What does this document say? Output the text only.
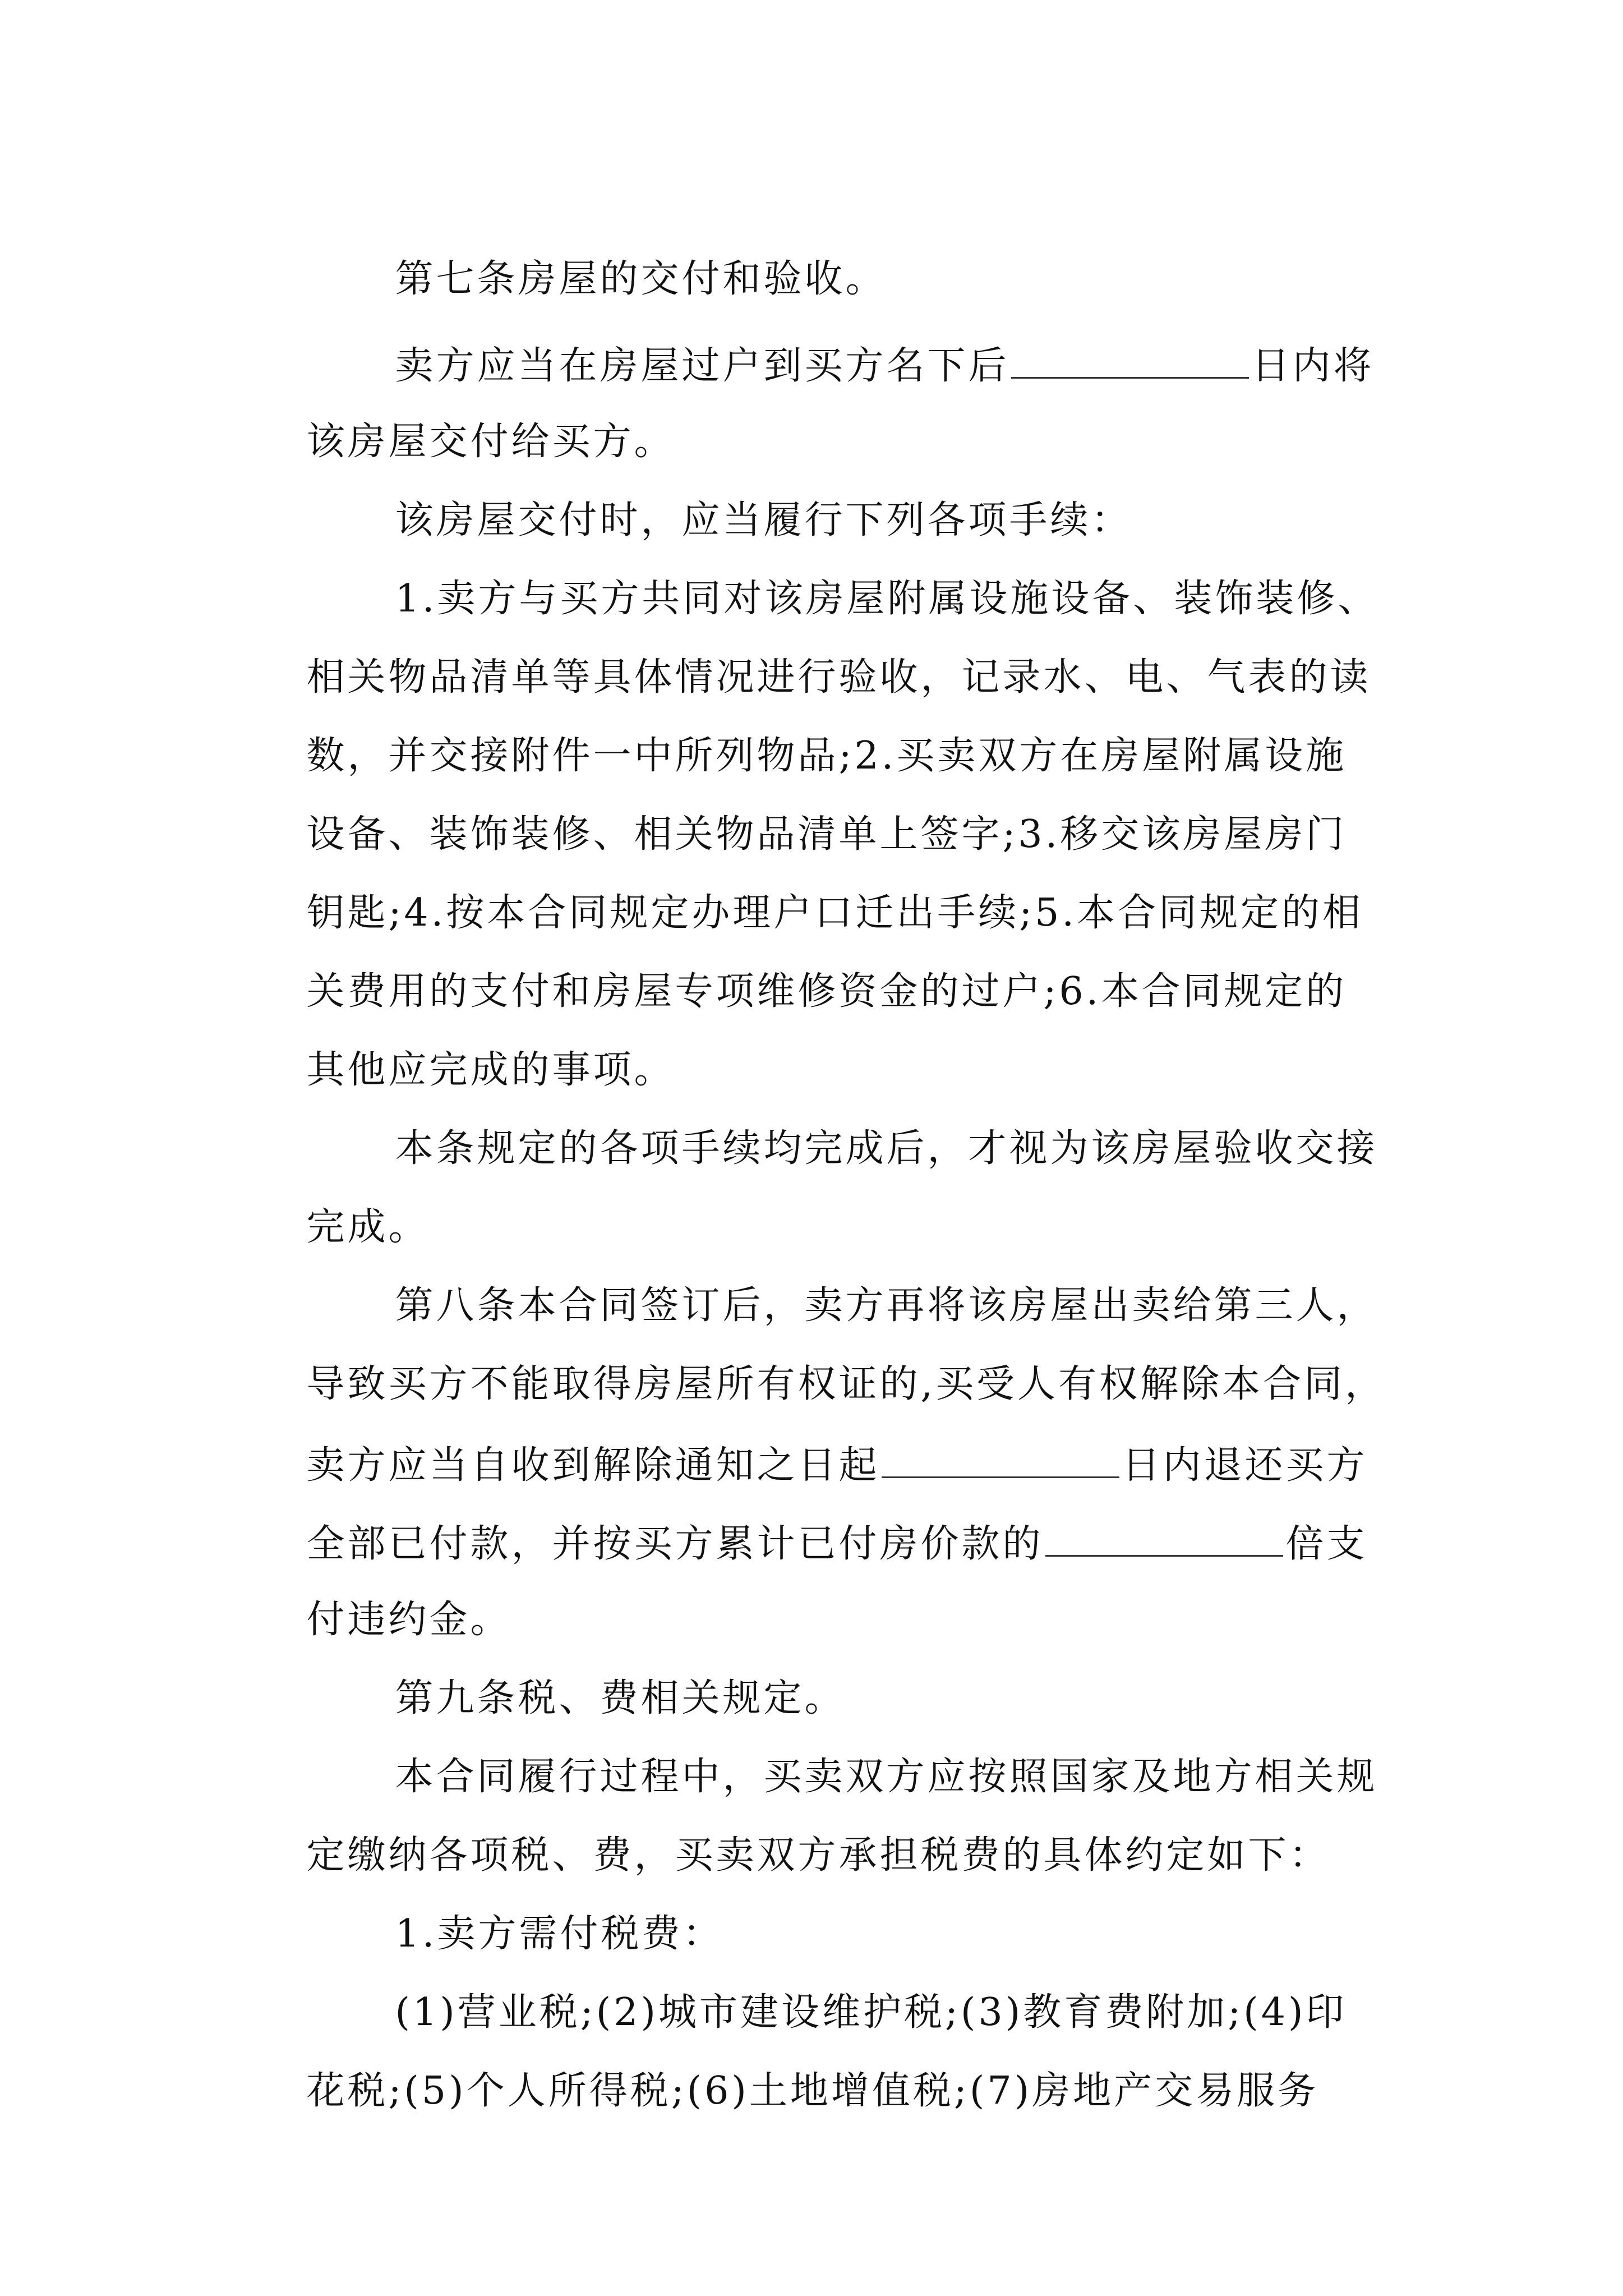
第七条房屋的交付和验收。

卖方应当在房屋过户到买方名下后	日内将

该房屋交付给买方。

该房屋交付时，应当履行下列各项手续：

1.卖方与买方共同对该房屋附属设施设备、装饰装修、

相关物品清单等具体情况进行验收，记录水、电、气表的读

数，并交接附件一中所列物品;2.买卖双方在房屋附属设施

设备、装饰装修、相关物品清单上签字;3.移交该房屋房门

钥匙;4.按本合同规定办理户口迁出手续;5.本合同规定的相

关费用的支付和房屋专项维修资金的过户;6.本合同规定的

其他应完成的事项。

本条规定的各项手续均完成后，才视为该房屋验收交接

完成。

第八条本合同签订后，卖方再将该房屋出卖给第三人，

导致买方不能取得房屋所有权证的,买受人有权解除本合同，

卖方应当自收到解除通知之日起	日内退还买方

全部已付款，并按买方累计已付房价款的	倍支

付违约金。

第九条税、费相关规定。

本合同履行过程中，买卖双方应按照国家及地方相关规

定缴纳各项税、费，买卖双方承担税费的具体约定如下：

1.卖方需付税费：

(1)营业税;(2)城市建设维护税;(3)教育费附加;(4)印

花税;(5)个人所得税;(6)土地增值税;(7)房地产交易服务
